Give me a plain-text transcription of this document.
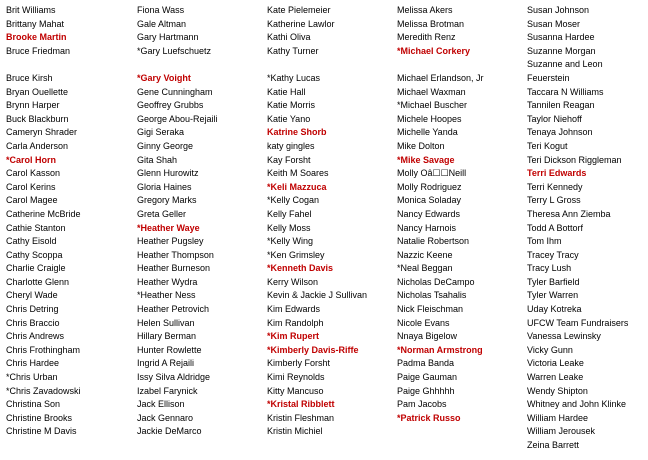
Brit Williams
Brittany Mahat
Brooke Martin
Bruce Friedman
Bruce Kirsh
Bryan Ouellette
Brynn Harper
Buck Blackburn
Cameryn Shrader
Carla Anderson
*Carol Horn
Carol Kasson
Carol Kerins
Carol Magee
Catherine McBride
Cathie Stanton
Cathy Eisold
Cathy Scoppa
Charlie Craigle
Charlotte Glenn
Cheryl Wade
Chris Detring
Chris Braccio
Chris Andrews
Chris Frothingham
Chris Hardee
*Chris Urban
*Chris Zavadowski
Christina Son
Christine Brooks
Christine M Davis
Fiona Wass
Gale Altman
Gary Hartmann
*Gary Luefschuetz
*Gary Voight
Gene Cunningham
Geoffrey Grubbs
George Abou-Rejaili
Gigi Seraka
Ginny George
Gita Shah
Glenn Hurowitz
Gloria Haines
Gregory Marks
Greta Geller
*Heather Waye
Heather Pugsley
Heather Thompson
Heather Burneson
Heather Wydra
*Heather Ness
Heather Petrovich
Helen Sullivan
Hillary Berman
Hunter Rowlette
Ingrid A Rejaili
Issy Silva Aldridge
Izabel Farynick
Jack Ellison
Jack Gennaro
Jackie DeMarco
Kate Pielemeier
Katherine Lawlor
Kathi Oliva
Kathy Turner
*Kathy Lucas
Katie Hall
Katie Morris
Katie Yano
Katrine Shorb
katy gingles
Kay Forsht
Keith M Soares
*Keli Mazzuca
*Kelly Cogan
Kelly Fahel
Kelly Moss
*Kelly Wing
*Ken Grimsley
*Kenneth Davis
Kerry Wilson
Kevin & Jackie J Sullivan
Kim Edwards
Kim Randolph
*Kim Rupert
*Kimberly Davis-Riffe
Kimberly Forsht
Kimi Reynolds
Kitty Mancuso
*Kristal Ribblett
Kristin Fleshman
Kristin Michiel
Melissa Akers
Melissa Brotman
Meredith Renz
*Michael Corkery
Michael Erlandson, Jr
Michael Waxman
*Michael Buscher
Michele Hoopes
Michelle Yanda
Mike Dolton
*Mike Savage
Molly Oâ☐☐Neill
Molly Rodriguez
Monica Soladay
Nancy Edwards
Nancy Harnois
Natalie Robertson
Nazzic Keene
*Neal Beggan
Nicholas DeCampo
Nicholas Tsahalis
Nick Fleischman
Nicole Evans
Nnaya Bigelow
*Norman Armstrong
Padma Banda
Paige Gauman
Paige Ghhhhh
Pam Jacobs
*Patrick Russo
Susan Johnson
Susan Moser
Susanna Hardee
Suzanne Morgan
Suzanne and Leon
Feuerstein
Taccara N Williams
Tannilen Reagan
Taylor Niehoff
Tenaya Johnson
Teri Kogut
Teri Dickson Riggleman
Terri Edwards
Terri Kennedy
Terry L Gross
Theresa Ann Ziemba
Todd A Bottorf
Tom Ihm
Tracey Tracy
Tracy Lush
Tyler Barfield
Tyler Warren
Uday Kotreka
UFCW Team Fundraisers
Vanessa Lewinsky
Vicky Gunn
Victoria Leake
Warren Leake
Wendy Shipton
Whitney and John Klinke
William Hardee
William Jerousek
Zeina Barrett
